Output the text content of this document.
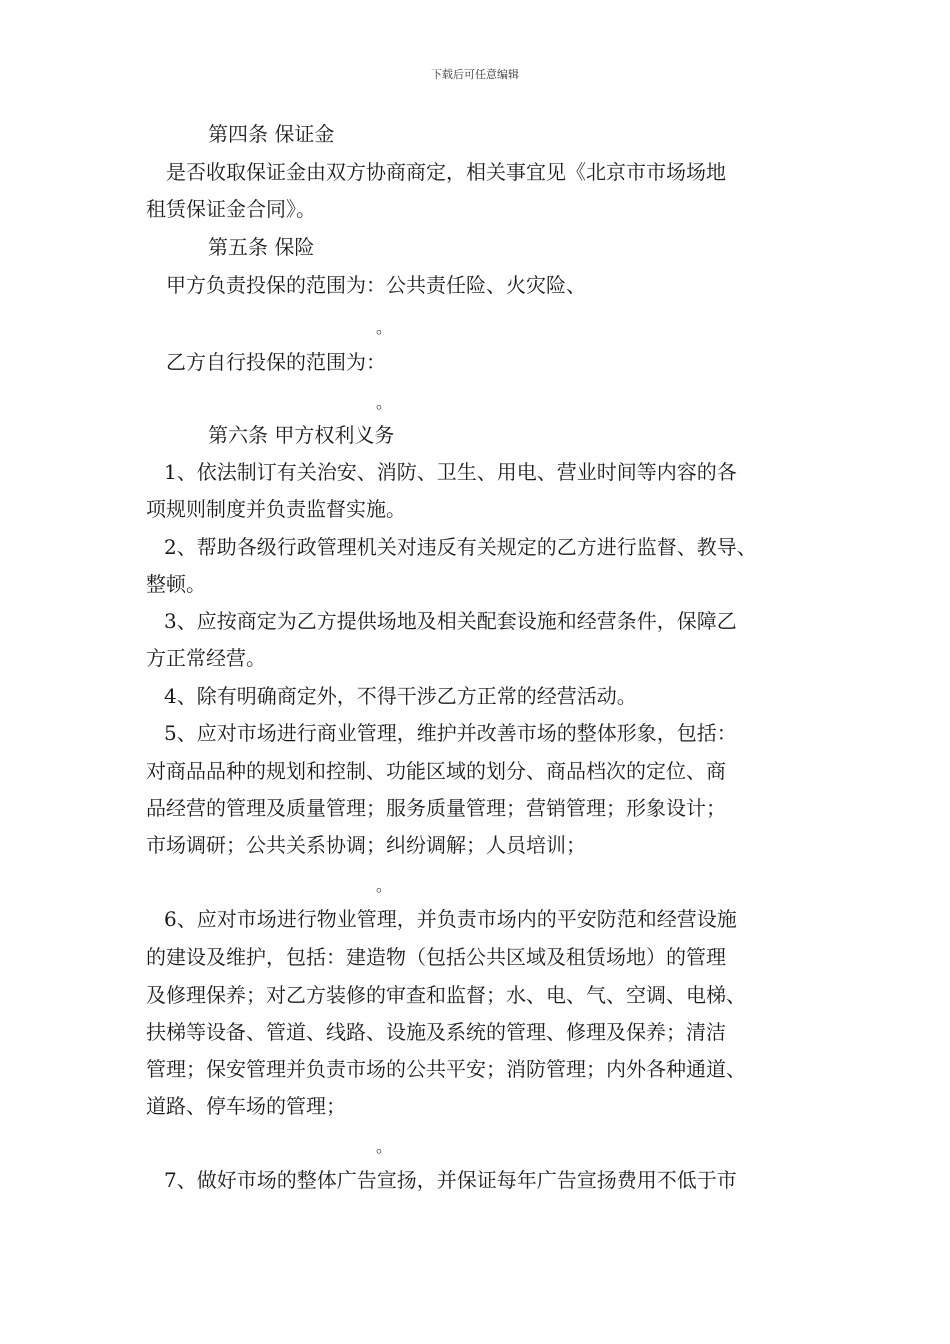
下载后可任意编辑
第四条 保证金
是否收取保证金由双方协商商定，相关事宜见《北京市市场场地
租赁保证金合同》。
第五条 保险
甲方负责投保的范围为：公共责任险、火灾险、
。
乙方自行投保的范围为：
。
第六条 甲方权利义务
1、依法制订有关治安、消防、卫生、用电、营业时间等内容的各
项规则制度并负责监督实施。
2、帮助各级行政管理机关对违反有关规定的乙方进行监督、教导、
整顿。
3、应按商定为乙方提供场地及相关配套设施和经营条件，保障乙
方正常经营。
4、除有明确商定外，不得干涉乙方正常的经营活动。
5、应对市场进行商业管理，维护并改善市场的整体形象，包括：
对商品品种的规划和控制、功能区域的划分、商品档次的定位、商
品经营的管理及质量管理；服务质量管理；营销管理；形象设计；
市场调研；公共关系协调；纠纷调解；人员培训；
。
6、应对市场进行物业管理，并负责市场内的平安防范和经营设施
的建设及维护，包括：建造物（包括公共区域及租赁场地）的管理
及修理保养；对乙方装修的审查和监督；水、电、气、空调、电梯、
扶梯等设备、管道、线路、设施及系统的管理、修理及保养；清洁
管理；保安管理并负责市场的公共平安；消防管理；内外各种通道、
道路、停车场的管理；
。
7、做好市场的整体广告宣扬，并保证每年广告宣扬费用不低于市
